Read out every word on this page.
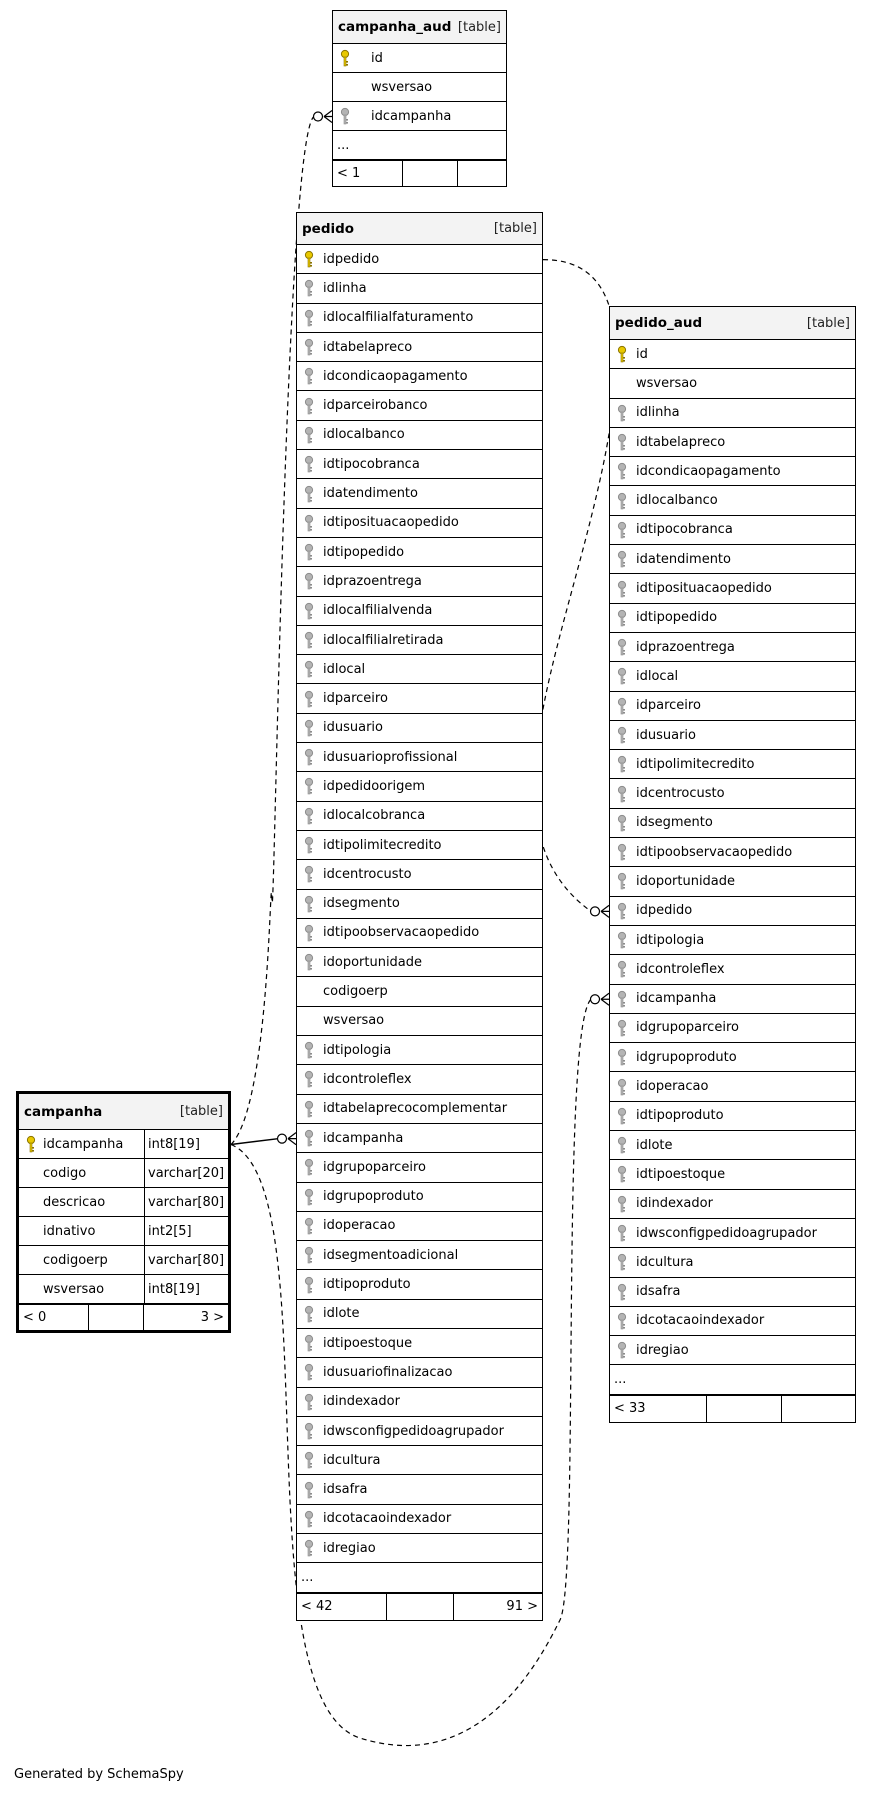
campanha_aud [table]
id
wsversao
idcampanha
...
< 1
pedido	[table]
idpedido
idlinha
idlocalfilialfaturamento
idtabelapreco
idcondicaopagamento
idparceirobanco
idlocalbanco
idtipocobranca
idatendimento
idtiposituacaopedido
idtipopedido
idprazoentrega
idlocalfilialvenda
idlocalfilialretirada
idlocal
idparceiro
idusuario
idusuarioprofissional
idpedidoorigem
idlocalcobranca
idtipolimitecredito
idcentrocusto
idsegmento
idtipoobservacaopedido
idoportunidade
codigoerp
wsversao
idtipologia
idcontroleflex
idtabelaprecocomplementar
idcampanha
idgrupoparceiro
idgrupoproduto
idoperacao
idsegmentoadicional
idtipoproduto
idlote
idtipoestoque
idusuariofinalizacao
idindexador
idwsconfigpedidoagrupador
idcultura
idsafra
idcotacaoindexador
idregiao
...
< 42	91 >
pedido_aud	[table]
id
wsversao
idlinha
idtabelapreco
idcondicaopagamento
idlocalbanco
idtipocobranca
idatendimento
idtiposituacaopedido
idtipopedido
idprazoentrega
idlocal
idparceiro
idusuario
idtipolimitecredito
idcentrocusto
idsegmento
idtipoobservacaopedido
idoportunidade
idpedido
idtipologia
idcontroleflex
idcampanha
idgrupoparceiro
idgrupoproduto
idoperacao
idtipoproduto
idlote
idtipoestoque
idindexador
idwsconfigpedidoagrupador
idcultura
idsafra
idcotacaoindexador
idregiao
...
< 33
campanha	[table]
idcampanha	int8[19]
codigo	varchar[20]
descricao	varchar[80]
idnativo	int2[5]
codigoerp	varchar[80]
wsversao	int8[19]
< 0	3 >
Generated by SchemaSpy
